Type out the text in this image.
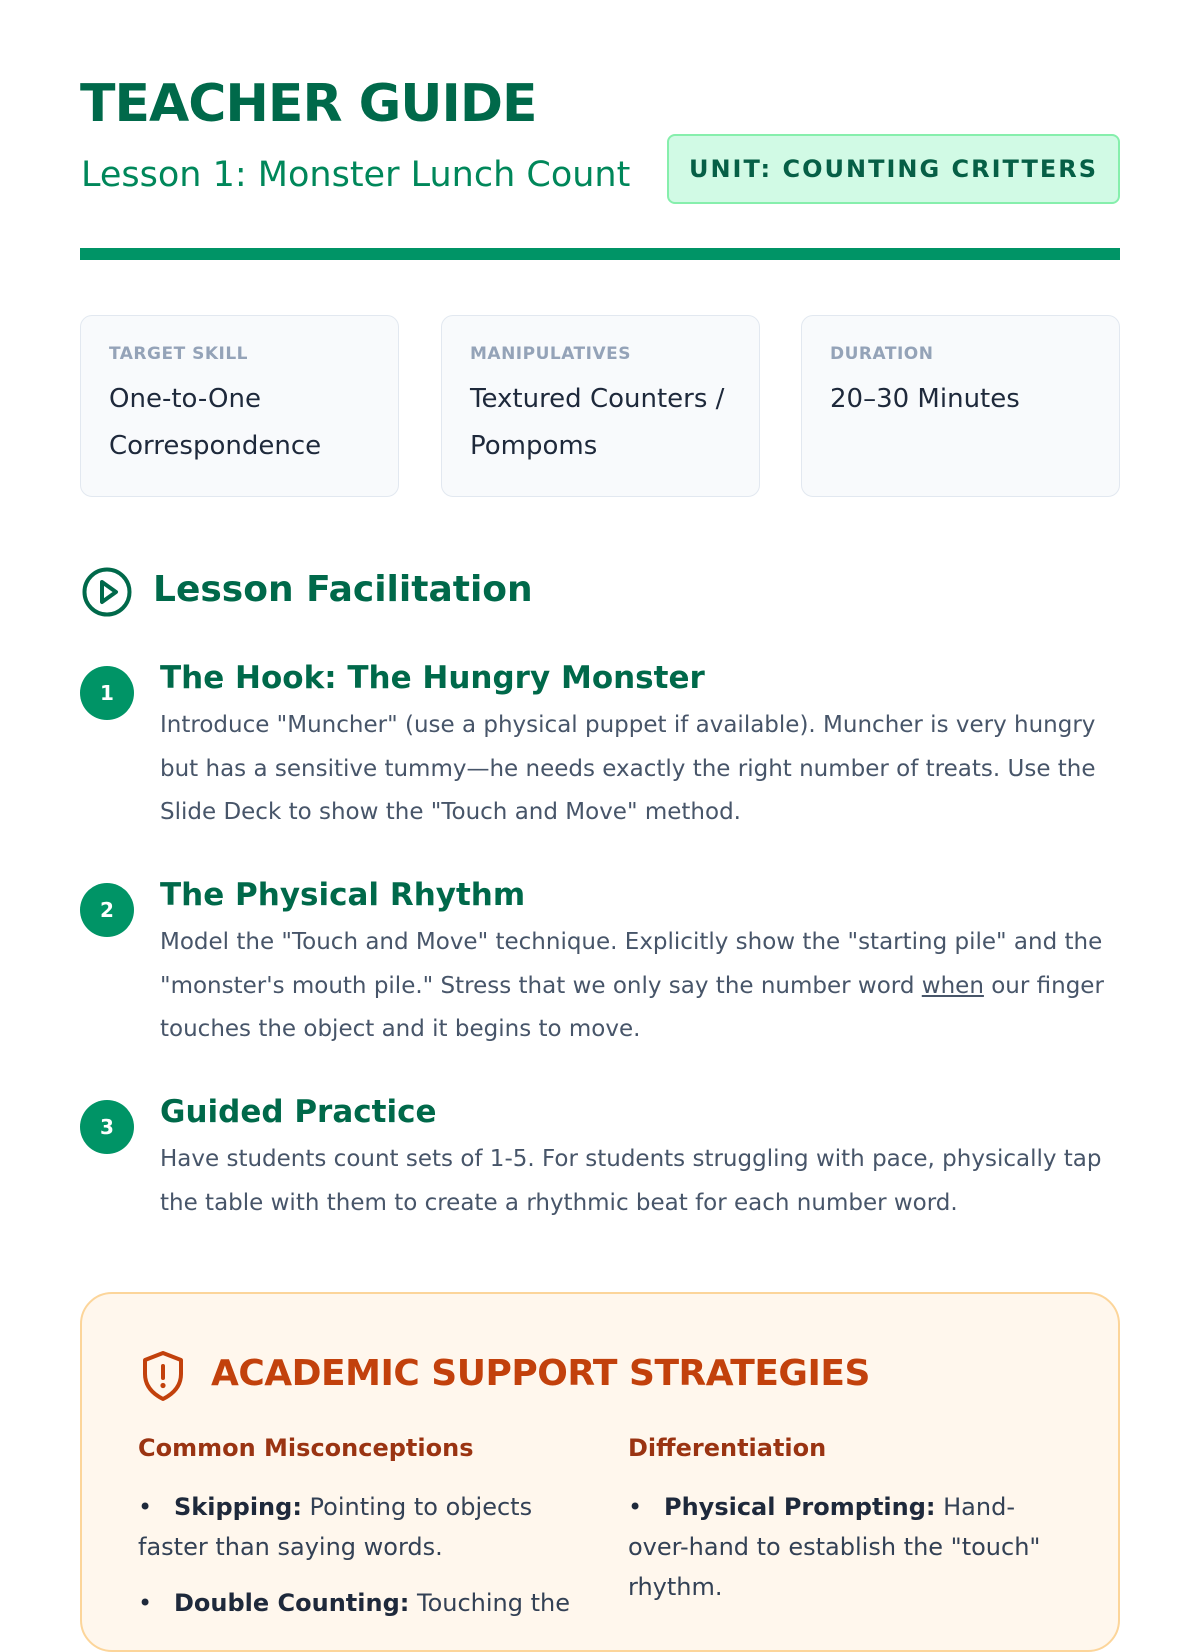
TEACHER GUIDE
Lesson 1: Monster Lunch Count	UNIT: COUNTING CRITTERS
TARGET SKILL
One-to-One Correspondence
MANIPULATIVES
Textured Counters / Pompoms
DURATION
20–30 Minutes
Lesson Facilitation
1	The Hook: The Hungry Monster
Introduce "Muncher" (use a physical puppet if available). Muncher is very hungry but has a sensitive tummy—he needs exactly the right number of treats. Use the Slide Deck to show the "Touch and Move" method.
2	The Physical Rhythm
Model the "Touch and Move" technique. Explicitly show the "starting pile" and the "monster's mouth pile." Stress that we only say the number word when our finger touches the object and it begins to move.
3	Guided Practice
Have students count sets of 1-5. For students struggling with pace, physically tap the table with them to create a rhythmic beat for each number word.
ACADEMIC SUPPORT STRATEGIES
Common Misconceptions
• Skipping: Pointing to objects faster than saying words.
• Double Counting: Touching the
Differentiation
• Physical Prompting: Hand-over-hand to establish the "touch" rhythm.
